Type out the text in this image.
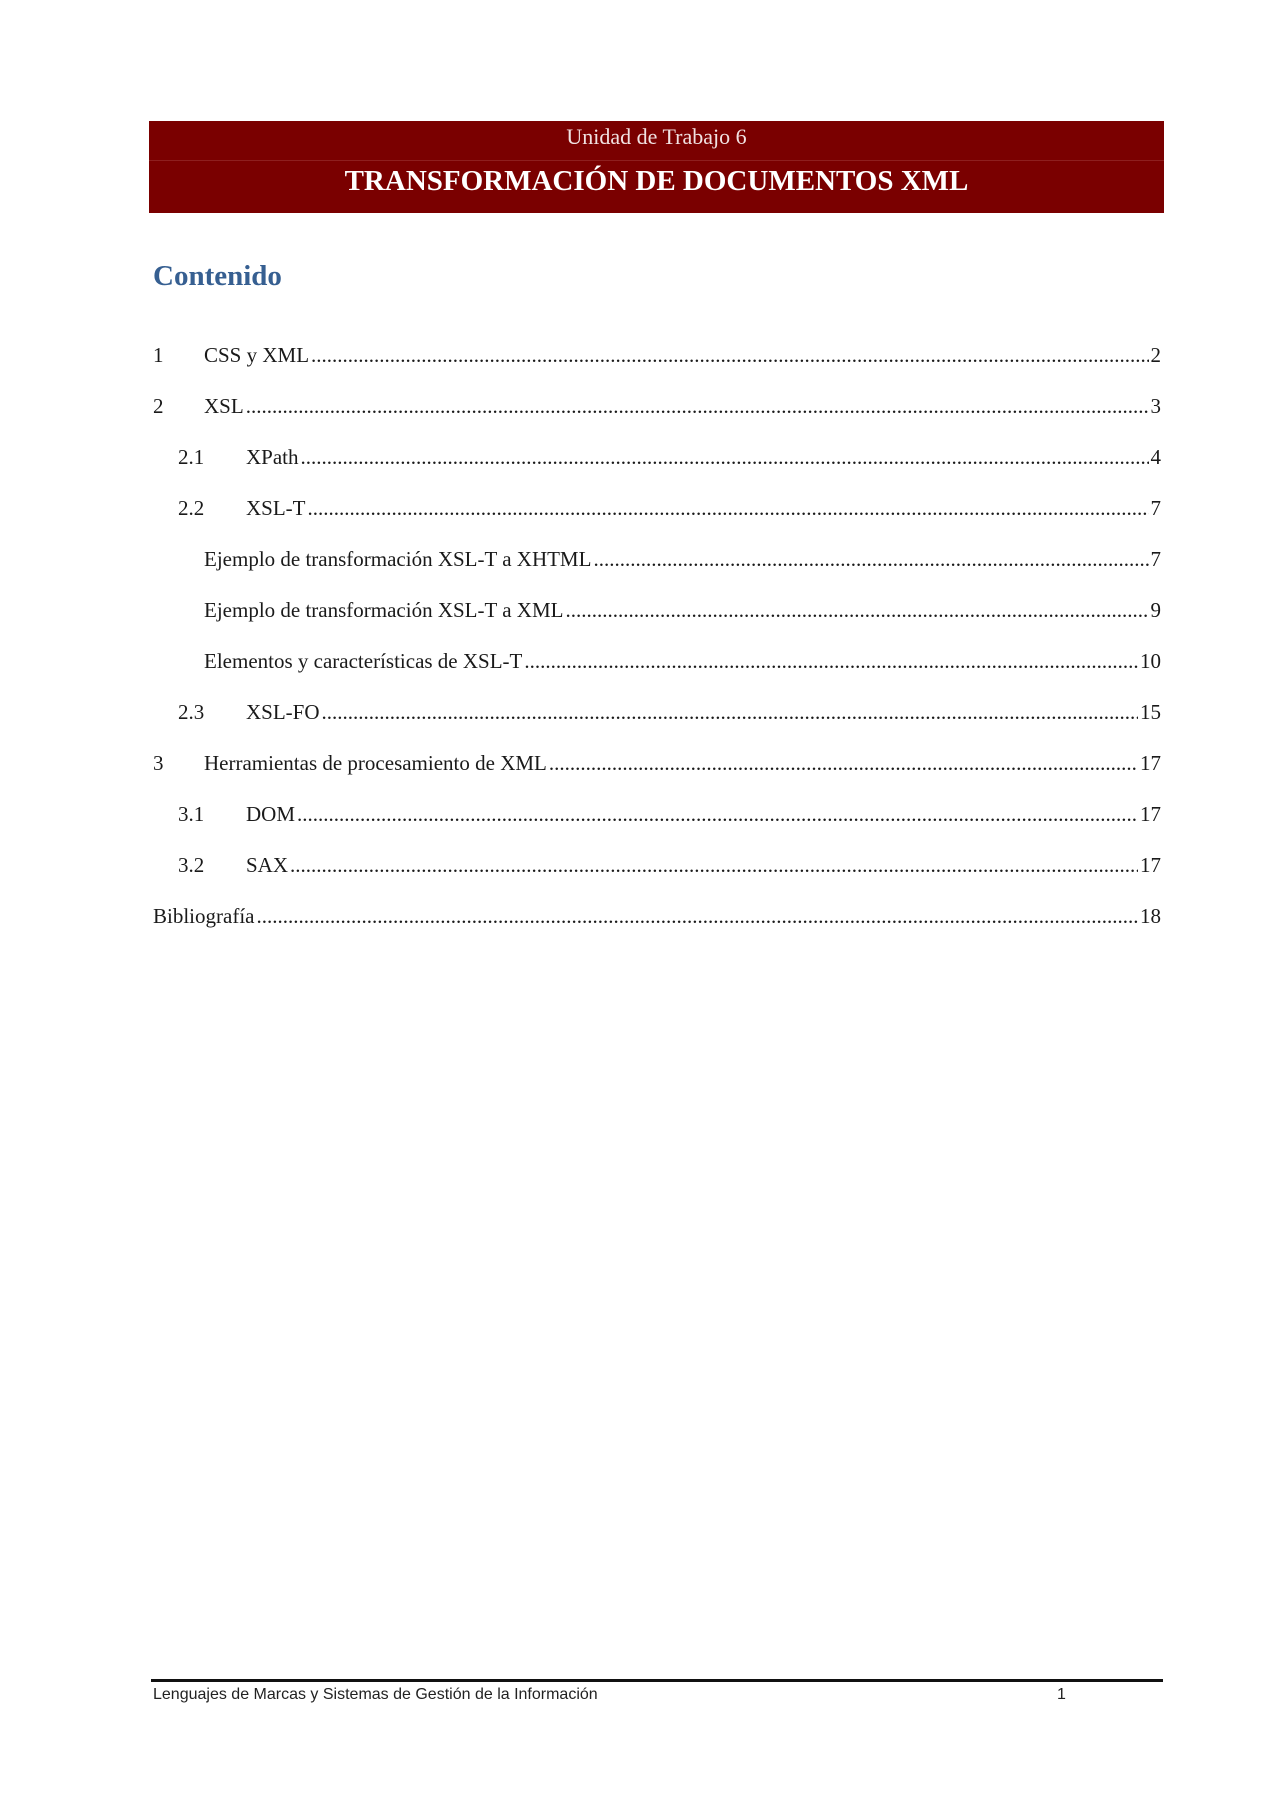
Unidad de Trabajo 6
TRANSFORMACIÓN DE DOCUMENTOS XML
Contenido
1	CSS y XML .....	2
2	XSL .....	3
2.1	XPath .....	4
2.2	XSL-T .....	7
Ejemplo de transformación XSL-T a XHTML .....	7
Ejemplo de transformación XSL-T a XML .....	9
Elementos y características de XSL-T .....	10
2.3	XSL-FO .....	15
3	Herramientas de procesamiento de XML .....	17
3.1	DOM .....	17
3.2	SAX .....	17
Bibliografía .....	18
Lenguajes de Marcas y Sistemas de Gestión de la Información	1
